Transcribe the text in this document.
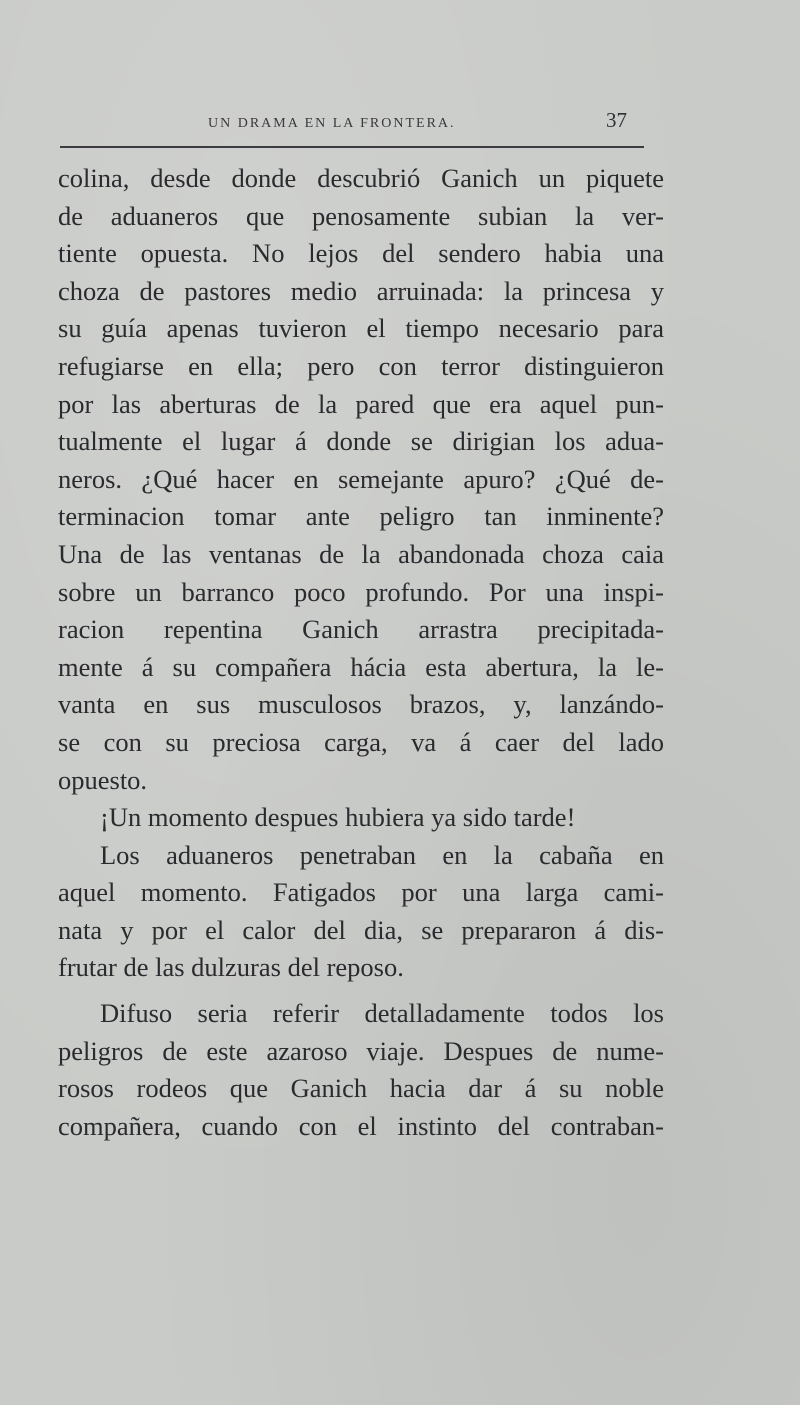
UN DRAMA EN LA FRONTERA.	37
colina, desde donde descubrió Ganich un piquete
de aduaneros que penosamente subian la ver-
tiente opuesta. No lejos del sendero habia una
choza de pastores medio arruinada: la princesa y
su guía apenas tuvieron el tiempo necesario para
refugiarse en ella; pero con terror distinguieron
por las aberturas de la pared que era aquel pun-
tualmente el lugar á donde se dirigian los adua-
neros. ¿Qué hacer en semejante apuro? ¿Qué de-
terminacion tomar ante peligro tan inminente?
Una de las ventanas de la abandonada choza caia
sobre un barranco poco profundo. Por una inspi-
racion repentina Ganich arrastra precipitada-
mente á su compañera hácia esta abertura, la le-
vanta en sus musculosos brazos, y, lanzándo-
se con su preciosa carga, va á caer del lado
opuesto.
¡Un momento despues hubiera ya sido tarde!
Los aduaneros penetraban en la cabaña en
aquel momento. Fatigados por una larga cami-
nata y por el calor del dia, se prepararon á dis-
frutar de las dulzuras del reposo.
Difuso seria referir detalladamente todos los
peligros de este azaroso viaje. Despues de nume-
rosos rodeos que Ganich hacia dar á su noble
compañera, cuando con el instinto del contraban-
